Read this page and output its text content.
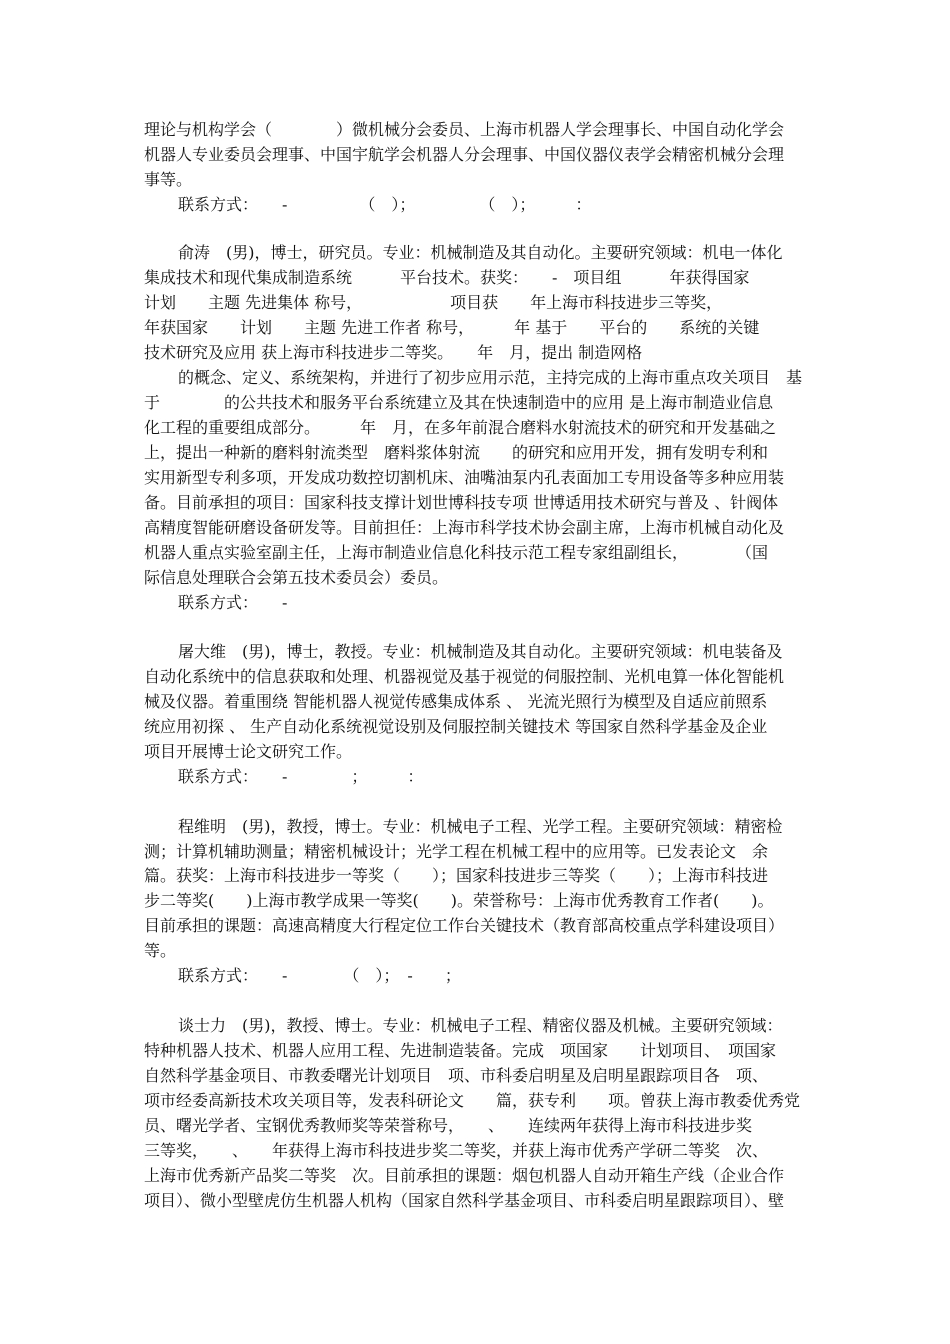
理论与机构学会（　　　　）微机械分会委员、上海市机器人学会理事长、中国自动化学会
机器人专业委员会理事、中国宇航学会机器人分会理事、中国仪器仪表学会精密机械分会理
事等。
联系方式：　　-　　　　　（　）；　　　　　（　）；　　　：
俞涛　(男)，博士，研究员。专业：机械制造及其自动化。主要研究领域：机电一体化
集成技术和现代集成制造系统　　　平台技术。获奖：　　-　项目组　　　年获得国家
计划　　主题 先进集体 称号，　　　　　　项目获　　年上海市科技进步三等奖，
年获国家　　计划　　主题 先进工作者 称号，　　　年 基于　　平台的　　系统的关键
技术研究及应用 获上海市科技进步二等奖。　　年　月，提出 制造网格
的概念、定义、系统架构，并进行了初步应用示范，主持完成的上海市重点攻关项目　基
于　　　　的公共技术和服务平台系统建立及其在快速制造中的应用 是上海市制造业信息
化工程的重要组成部分。　　　年　月，在多年前混合磨料水射流技术的研究和开发基础之
上，提出一种新的磨料射流类型　磨料浆体射流　　的研究和应用开发，拥有发明专利和
实用新型专利多项，开发成功数控切割机床、油嘴油泵内孔表面加工专用设备等多种应用装
备。目前承担的项目：国家科技支撑计划世博科技专项 世博适用技术研究与普及 、针阀体
高精度智能研磨设备研发等。目前担任：上海市科学技术协会副主席，上海市机械自动化及
机器人重点实验室副主任，上海市制造业信息化科技示范工程专家组副组长，　　　　（国
际信息处理联合会第五技术委员会）委员。
联系方式：　　-
屠大维　(男)，博士，教授。专业：机械制造及其自动化。主要研究领域：机电装备及
自动化系统中的信息获取和处理、机器视觉及基于视觉的伺服控制、光机电算一体化智能机
械及仪器。着重围绕 智能机器人视觉传感集成体系 、 光流光照行为模型及自适应前照系
统应用初探 、 生产自动化系统视觉设别及伺服控制关键技术 等国家自然科学基金及企业
项目开展博士论文研究工作。
联系方式：　　-　　　　；　　　：
程维明　(男)，教授，博士。专业：机械电子工程、光学工程。主要研究领域：精密检
测；计算机辅助测量；精密机械设计；光学工程在机械工程中的应用等。已发表论文　余
篇。获奖：上海市科技进步一等奖（　　）；国家科技进步三等奖（　　）；上海市科技进
步二等奖(　　)上海市教学成果一等奖(　　)。荣誉称号：上海市优秀教育工作者(　　)。
目前承担的课题：高速高精度大行程定位工作台关键技术（教育部高校重点学科建设项目）
等。
联系方式：　　-　　　　（　）；　-　　；
谈士力　(男)，教授、博士。专业：机械电子工程、精密仪器及机械。主要研究领域：
特种机器人技术、机器人应用工程、先进制造装备。完成　项国家　　计划项目、　项国家
自然科学基金项目、市教委曙光计划项目　项、市科委启明星及启明星跟踪项目各　项、
项市经委高新技术攻关项目等，发表科研论文　　篇，获专利　　项。曾获上海市教委优秀党
员、曙光学者、宝钢优秀教师奖等荣誉称号，　　、　　连续两年获得上海市科技进步奖
三等奖，　　、　　年获得上海市科技进步奖二等奖，并获上海市优秀产学研二等奖　次、
上海市优秀新产品奖二等奖　次。目前承担的课题：烟包机器人自动开箱生产线（企业合作
项目）、微小型壁虎仿生机器人机构（国家自然科学基金项目、市科委启明星跟踪项目）、壁
